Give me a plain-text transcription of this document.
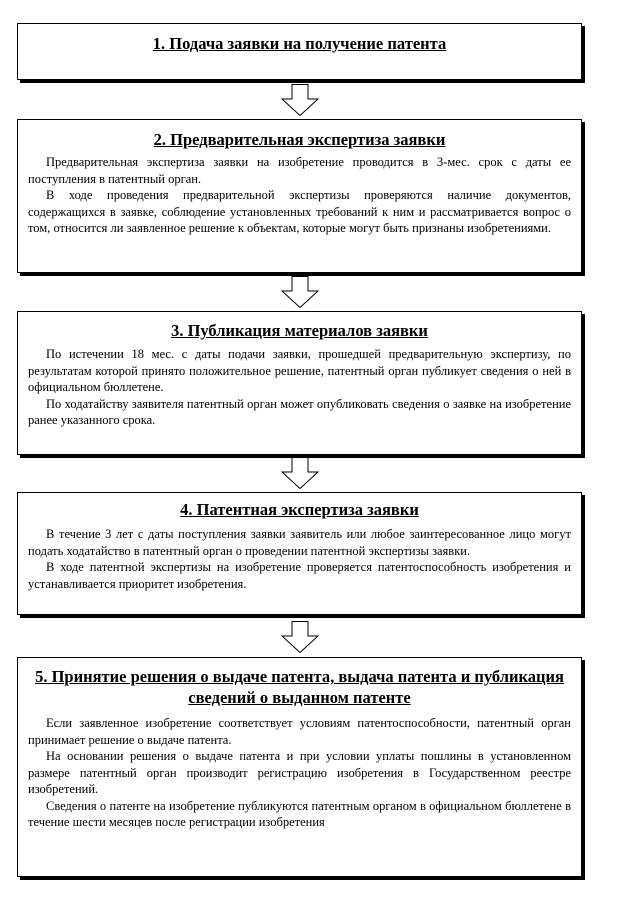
1. Подача заявки на получение патента

2. Предварительная экспертиза заявки

Предварительная экспертиза заявки на изобретение проводится в 3-мес. срок с даты ее поступления в патентный орган.

В ходе проведения предварительной экспертизы проверяются наличие документов, содержащихся в заявке, соблюдение установленных требований к ним и рассматривается вопрос о том, относится ли заявленное решение к объектам, которые могут быть признаны изобретениями.

3. Публикация материалов заявки

По истечении 18 мес. с даты подачи заявки, прошедшей предварительную экспертизу, по результатам которой принято положительное решение, патентный орган публикует сведения о ней в официальном бюллетене.

По ходатайству заявителя патентный орган может опубликовать сведения о заявке на изобретение ранее указанного срока.

4. Патентная экспертиза заявки

В течение 3 лет с даты поступления заявки заявитель или любое заинтересованное лицо могут подать ходатайство в патентный орган о проведении патентной экспертизы заявки.

В ходе патентной экспертизы на изобретение проверяется патентоспособность изобретения и устанавливается приоритет изобретения.

5. Принятие решения о выдаче патента, выдача патента и публикация сведений о выданном патенте

Если заявленное изобретение соответствует условиям патентоспособности, патентный орган принимает решение о выдаче патента.

На основании решения о выдаче патента и при условии уплаты пошлины в установленном размере патентный орган производит регистрацию изобретения в Государственном реестре изобретений.

Сведения о патенте на изобретение публикуются патентным органом в официальном бюллетене в течение шести месяцев после регистрации изобретения
